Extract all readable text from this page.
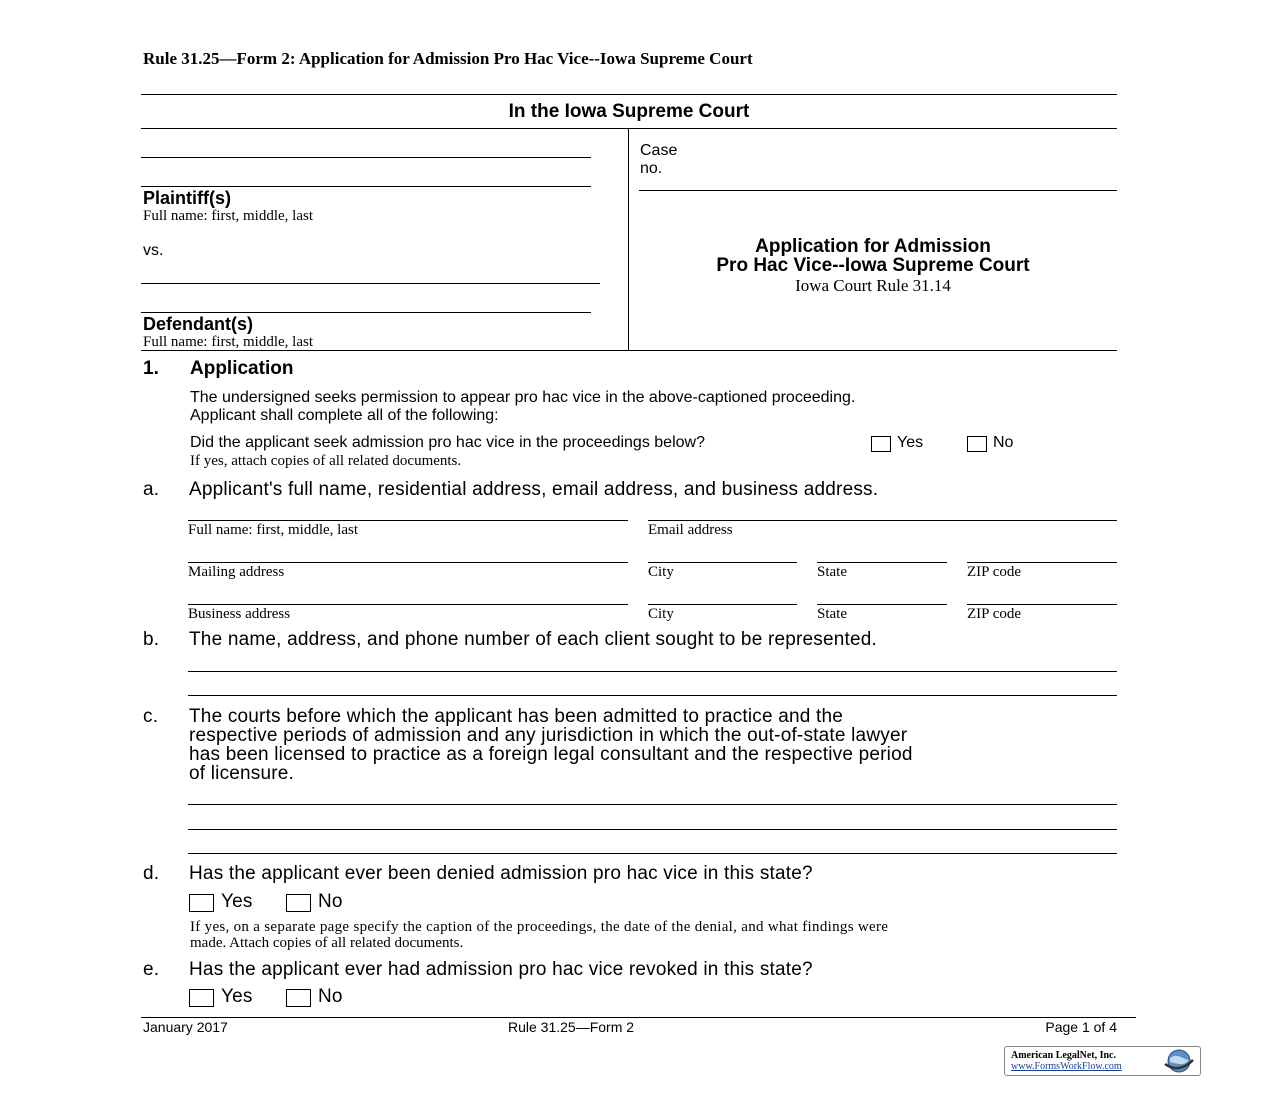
Rule 31.25—Form 2: Application for Admission Pro Hac Vice--Iowa Supreme Court
In the Iowa Supreme Court
Plaintiff(s)
Full name: first, middle, last
vs.
Defendant(s)
Full name: first, middle, last
Case
no.
Application for Admission
Pro Hac Vice--Iowa Supreme Court
Iowa Court Rule 31.14
1. Application
The undersigned seeks permission to appear pro hac vice in the above-captioned proceeding.
Applicant shall complete all of the following:
Did the applicant seek admission pro hac vice in the proceedings below?	Yes	No
If yes, attach copies of all related documents.
a. Applicant's full name, residential address, email address, and business address.
Full name: first, middle, last	Email address
Mailing address	City	State	ZIP code
Business address	City	State	ZIP code
b. The name, address, and phone number of each client sought to be represented.
c. The courts before which the applicant has been admitted to practice and the
respective periods of admission and any jurisdiction in which the out-of-state lawyer
has been licensed to practice as a foreign legal consultant and the respective period
of licensure.
d. Has the applicant ever been denied admission pro hac vice in this state?
Yes	No
If yes, on a separate page specify the caption of the proceedings, the date of the denial, and what findings were
made. Attach copies of all related documents.
e. Has the applicant ever had admission pro hac vice revoked in this state?
Yes	No
January 2017	Rule 31.25—Form 2	Page 1 of 4
American LegalNet, Inc.
www.FormsWorkFlow.com
